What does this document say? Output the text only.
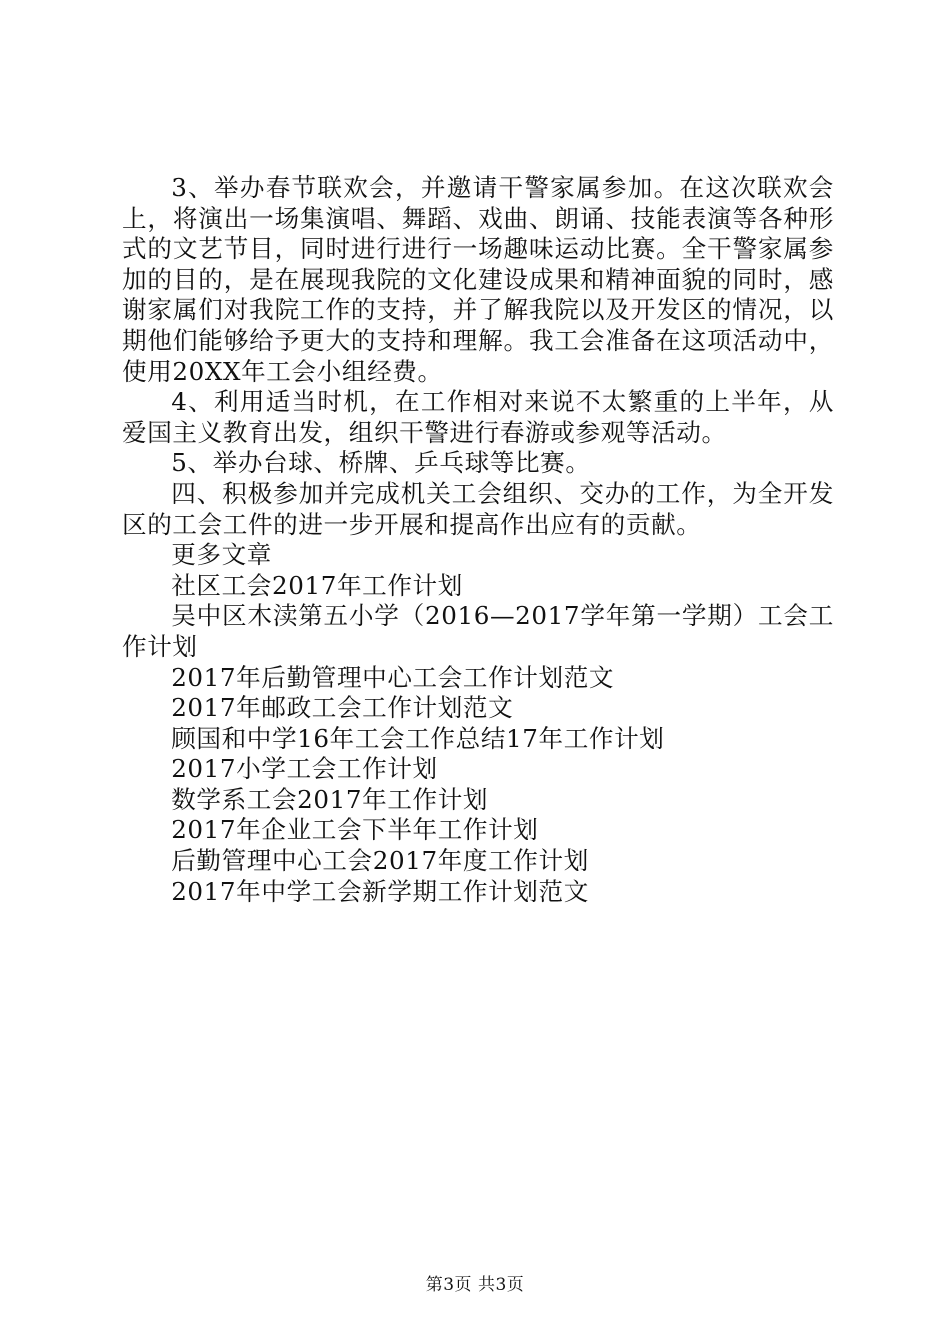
3、举办春节联欢会，并邀请干警家属参加。在这次联欢会上，将演出一场集演唱、舞蹈、戏曲、朗诵、技能表演等各种形式的文艺节目，同时进行进行一场趣味运动比赛。全干警家属参加的目的，是在展现我院的文化建设成果和精神面貌的同时，感谢家属们对我院工作的支持，并了解我院以及开发区的情况，以期他们能够给予更大的支持和理解。我工会准备在这项活动中，使用20XX年工会小组经费。

4、利用适当时机，在工作相对来说不太繁重的上半年，从爱国主义教育出发，组织干警进行春游或参观等活动。

5、举办台球、桥牌、乒乓球等比赛。

四、积极参加并完成机关工会组织、交办的工作，为全开发区的工会工件的进一步开展和提高作出应有的贡献。

更多文章

社区工会2017年工作计划

吴中区木渎第五小学（2016—2017学年第一学期）工会工作计划

2017年后勤管理中心工会工作计划范文

2017年邮政工会工作计划范文

顾国和中学16年工会工作总结17年工作计划

2017小学工会工作计划

数学系工会2017年工作计划

2017年企业工会下半年工作计划

后勤管理中心工会2017年度工作计划

2017年中学工会新学期工作计划范文

第3页 共3页
